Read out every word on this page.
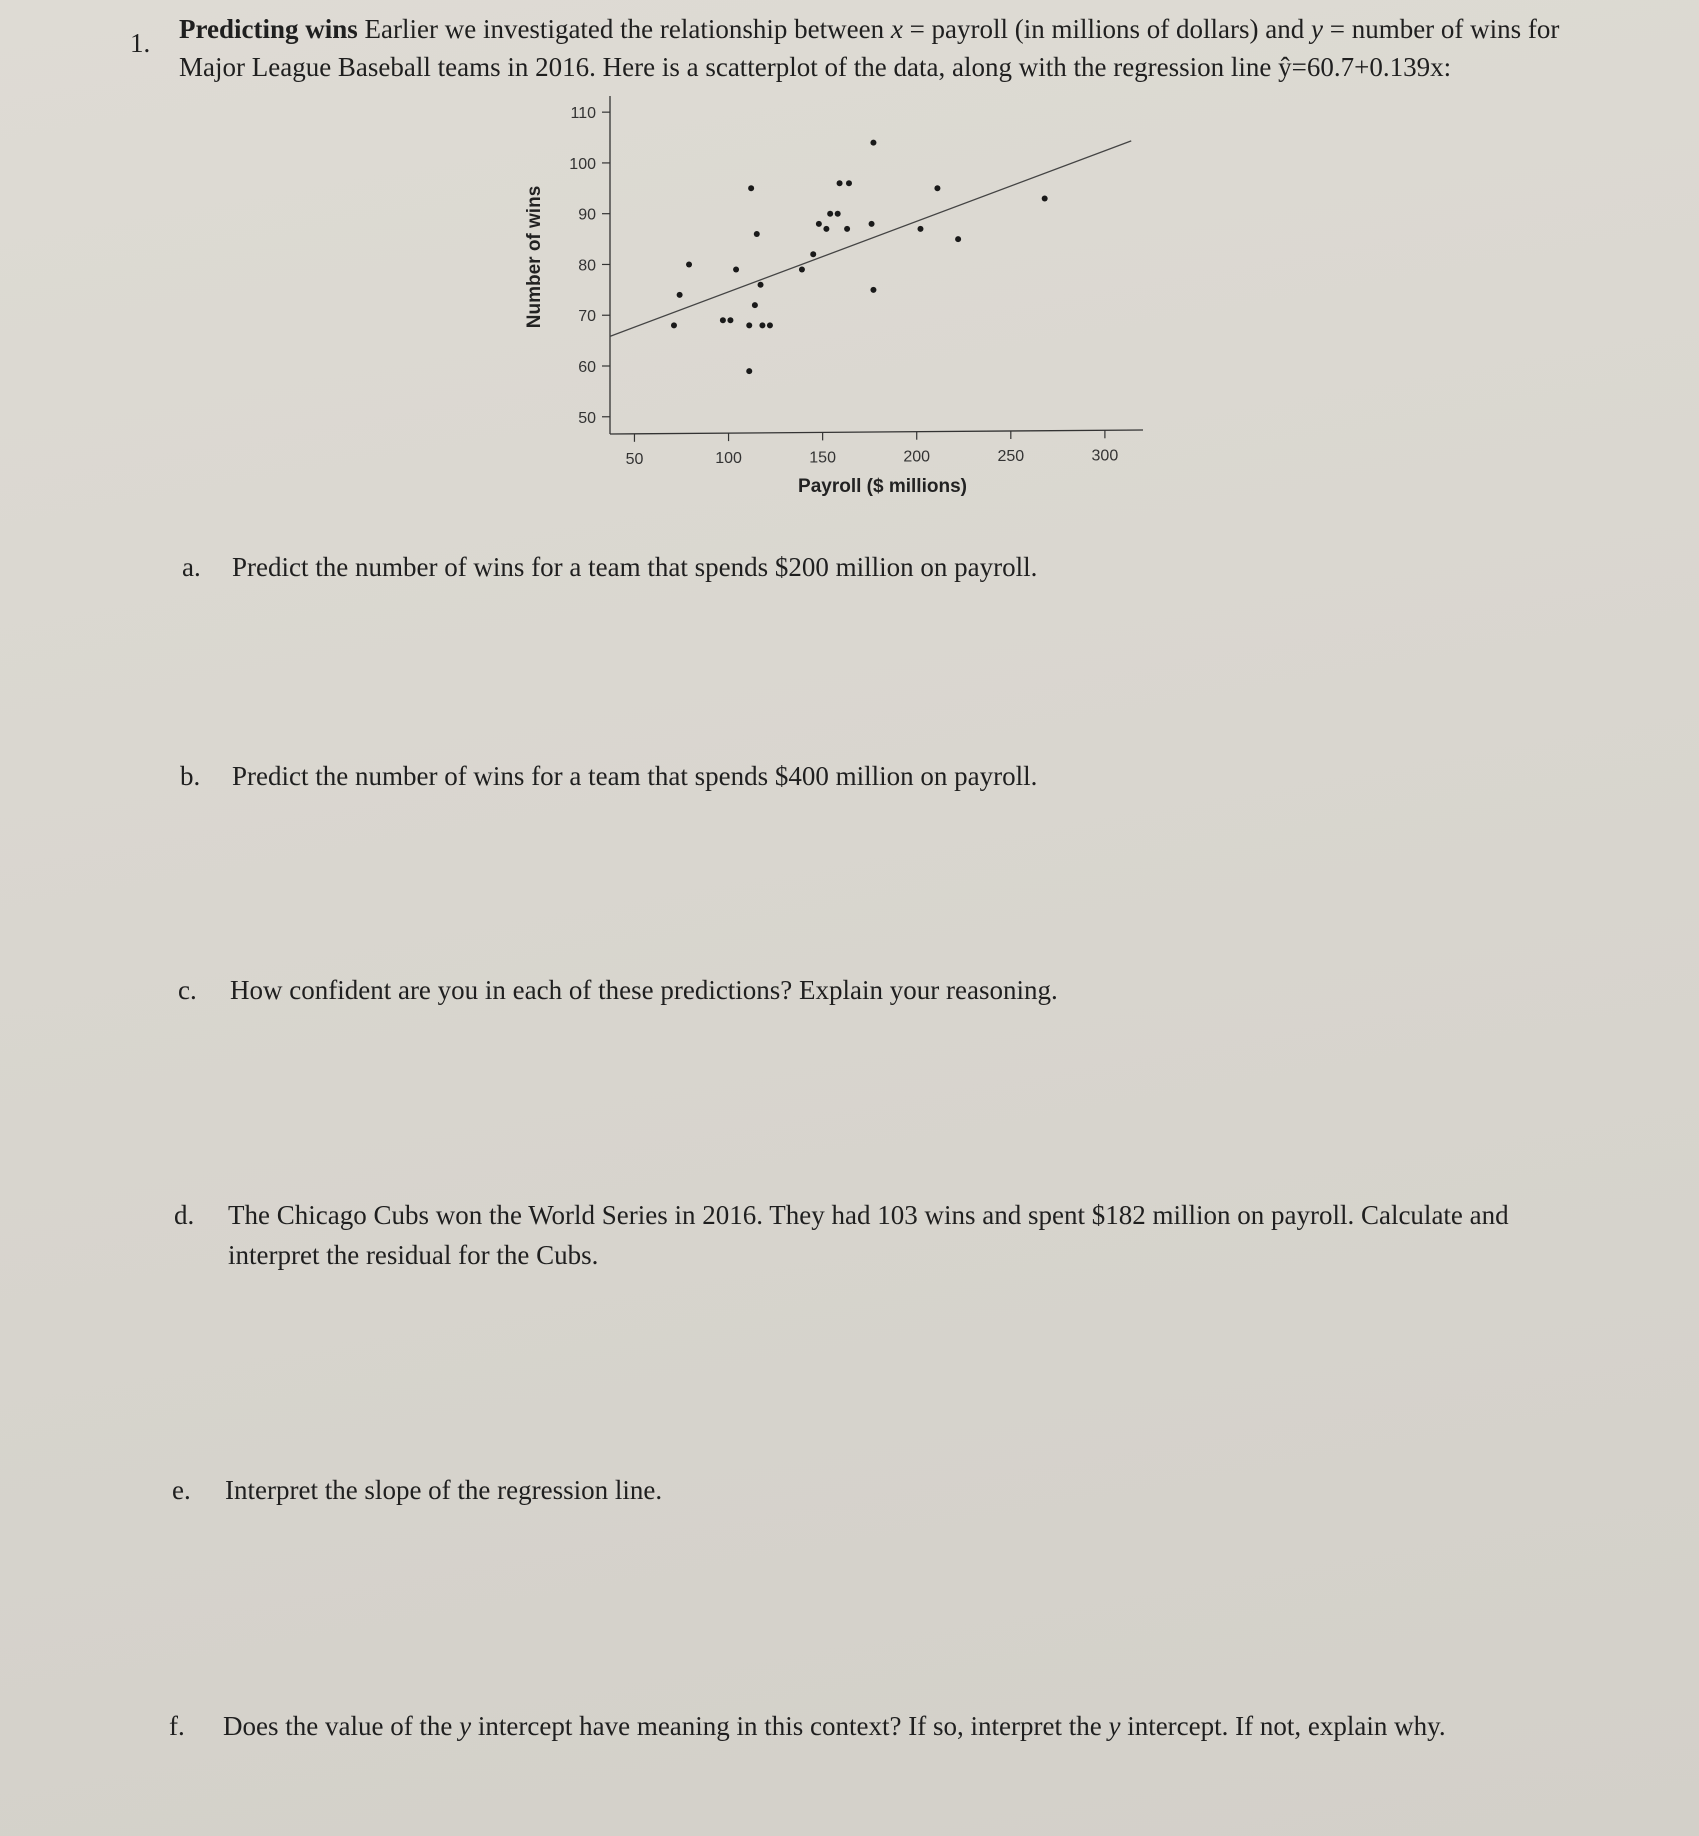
1. Predicting wins Earlier we investigated the relationship between x = payroll (in millions of dollars) and y = number of wins for Major League Baseball teams in 2016. Here is a scatterplot of the data, along with the regression line ŷ=60.7+0.139x:
50
60
70
80
90
100
110
50	100	150	200	250	300
Payroll ($ millions)
Number of wins
a. Predict the number of wins for a team that spends $200 million on payroll.
b. Predict the number of wins for a team that spends $400 million on payroll.
c. How confident are you in each of these predictions? Explain your reasoning.
d. The Chicago Cubs won the World Series in 2016. They had 103 wins and spent $182 million on payroll. Calculate and
interpret the residual for the Cubs.
e. Interpret the slope of the regression line.
f. Does the value of the y intercept have meaning in this context? If so, interpret the y intercept. If not, explain why.
